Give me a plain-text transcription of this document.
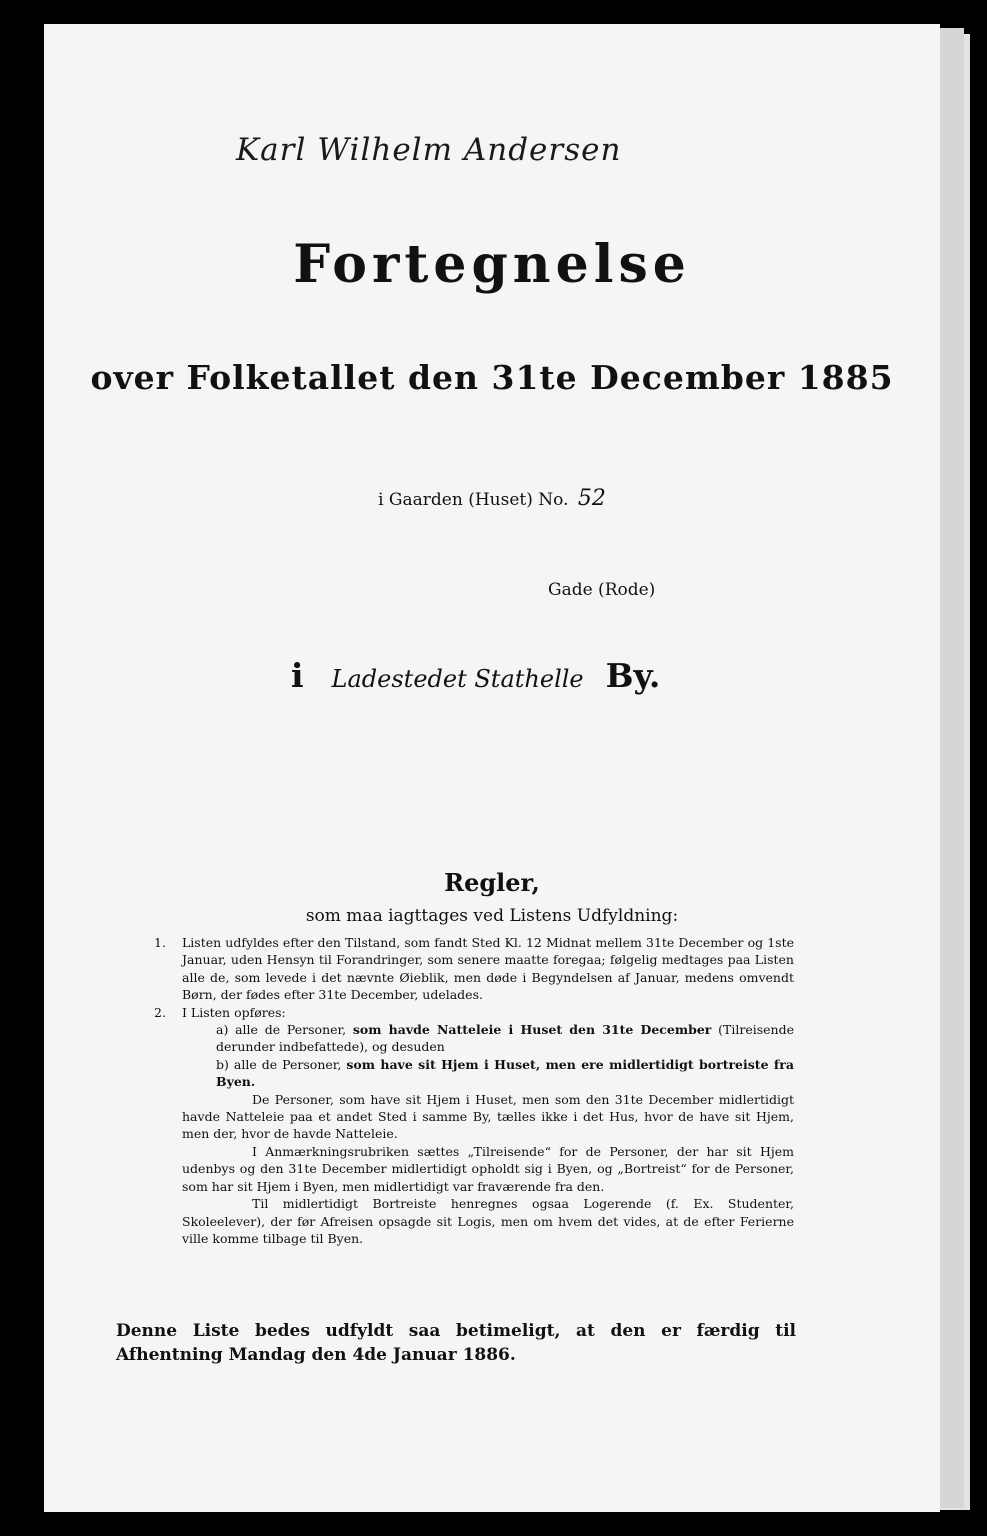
Karl Wilhelm Andersen

Fortegnelse
over Folketallet den 31te December 1885

i Gaarden (Huset) No. 52

Gade (Rode)

i Ladestedet Stathelle By.

Regler,

som maa iagttages ved Listens Udfyldning:

1. Listen udfyldes efter den Tilstand, som fandt Sted Kl. 12 Midnat mellem 31te December og 1ste Januar, uden Hensyn til Forandringer, som senere maatte foregaa; følgelig medtages paa Listen alle de, som levede i det nævnte Øieblik, men døde i Begyndelsen af Januar, medens omvendt Børn, der fødes efter 31te December, udelades.
2. I Listen opføres:
a) alle de Personer, som havde Natteleie i Huset den 31te December (Tilreisende derunder indbefattede), og desuden
b) alle de Personer, som have sit Hjem i Huset, men ere midlertidigt bortreiste fra Byen.
De Personer, som have sit Hjem i Huset, men som den 31te December midlertidigt havde Natteleie paa et andet Sted i samme By, tælles ikke i det Hus, hvor de have sit Hjem, men der, hvor de havde Natteleie.
I Anmærkningsrubriken sættes „Tilreisende“ for de Personer, der har sit Hjem udenbys og den 31te December midlertidigt opholdt sig i Byen, og „Bortreist“ for de Personer, som har sit Hjem i Byen, men midlertidigt var fraværende fra den.
Til midlertidigt Bortreiste henregnes ogsaa Logerende (f. Ex. Studenter, Skoleelever), der før Afreisen opsagde sit Logis, men om hvem det vides, at de efter Ferierne ville komme tilbage til Byen.

Denne Liste bedes udfyldt saa betimeligt, at den er færdig til Afhentning Mandag den 4de Januar 1886.
